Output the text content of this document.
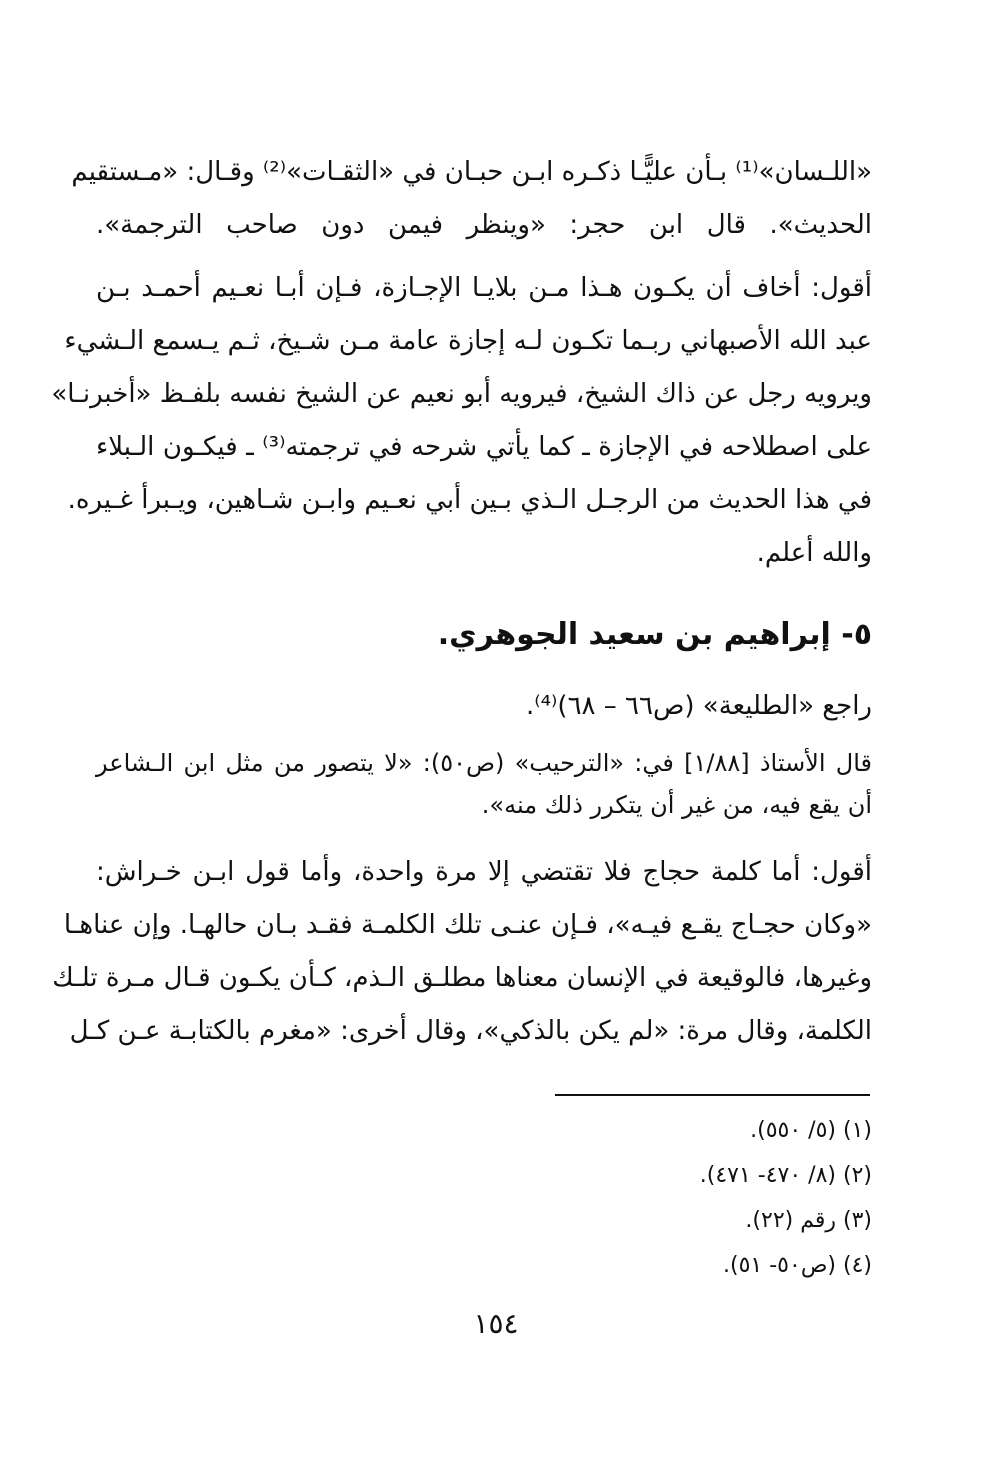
«اللـسان»⁽¹⁾ بـأن عليًّـا ذكـره ابـن حبـان في «الثقـات»⁽²⁾ وقـال: «مـستقيم
الحديث». قال ابن حجر: «وينظر فيمن دون صاحب الترجمة».
أقول: أخاف أن يكـون هـذا مـن بلايـا الإجـازة، فـإن أبـا نعـيم أحمـد بـن
عبد الله الأصبهاني ربـما تكـون لـه إجازة عامة مـن شـيخ، ثـم يـسمع الـشيء
ويرويه رجل عن ذاك الشيخ، فيرويه أبو نعيم عن الشيخ نفسه بلفـظ «أخبرنـا»
على اصطلاحه في الإجازة ـ كما يأتي شرحه في ترجمته⁽³⁾ ـ فيكـون الـبلاء
في هذا الحديث من الرجـل الـذي بـين أبي نعـيم وابـن شـاهين، ويـبرأ غـيره.
والله أعلم.
٥- إبراهيم بن سعيد الجوهري.
راجع «الطليعة» (ص٦٦ – ٦٨)⁽⁴⁾.
قال الأستاذ [١/٨٨] في: «الترحيب» (ص٥٠): «لا يتصور من مثل ابن الـشاعر
أن يقع فيه، من غير أن يتكرر ذلك منه».
أقول: أما كلمة حجاج فلا تقتضي إلا مرة واحدة، وأما قول ابـن خـراش:
«وكان حجـاج يقـع فيـه»، فـإن عنـى تلك الكلمـة فقـد بـان حالهـا. وإن عناهـا
وغيرها، فالوقيعة في الإنسان معناها مطلـق الـذم، كـأن يكـون قـال مـرة تلـك
الكلمة، وقال مرة: «لم يكن بالذكي»، وقال أخرى: «مغرم بالكتابـة عـن كـل
(١) (٥/ ٥٥٠).
(٢) (٨/ ٤٧٠- ٤٧١).
(٣) رقم (٢٢).
(٤) (ص٥٠- ٥١).
١٥٤
